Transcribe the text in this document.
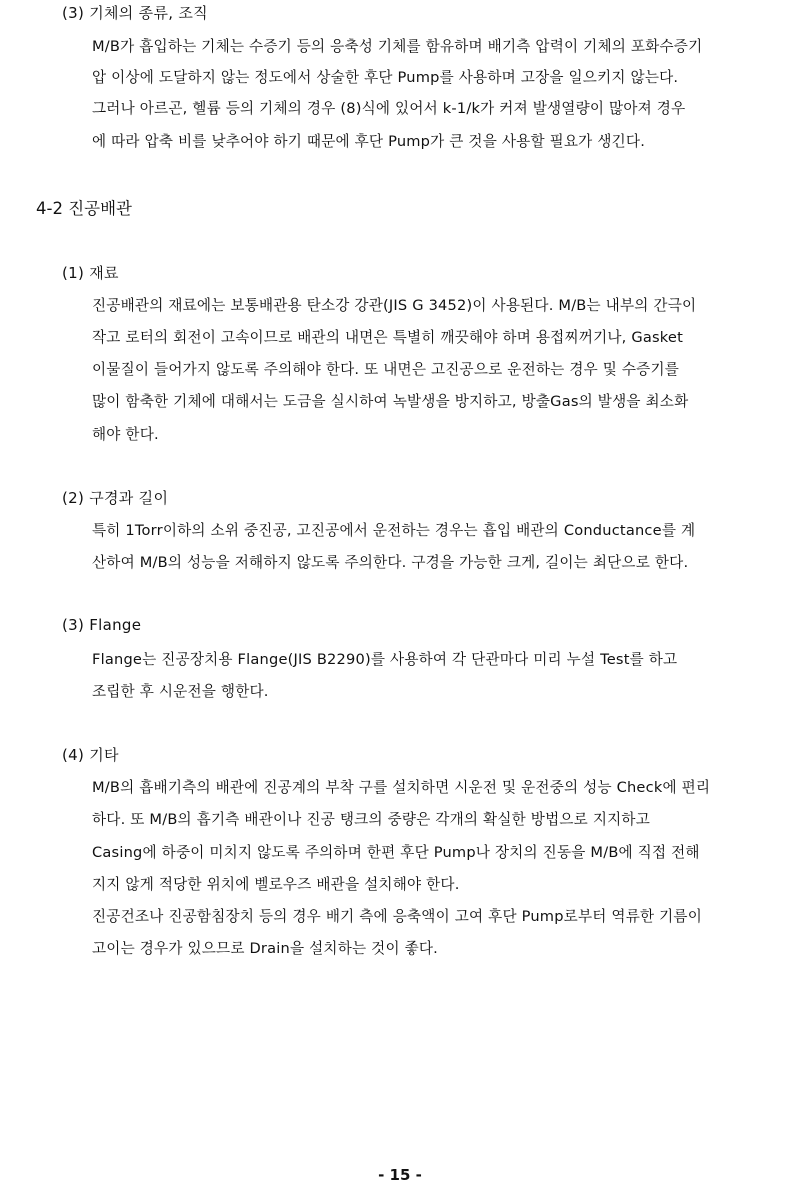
(3) 기체의 종류, 조직
M/B가 흡입하는 기체는 수증기 등의 응축성 기체를 함유하며 배기측 압력이 기체의 포화수증기
압 이상에 도달하지 않는 정도에서 상술한 후단 Pump를 사용하며 고장을 일으키지 않는다.
그러나 아르곤, 헬륨 등의 기체의 경우 (8)식에 있어서 k-1/k가 커져 발생열량이 많아져 경우
에 따라 압축 비를 낮추어야 하기 때문에 후단 Pump가 큰 것을 사용할 필요가 생긴다.
4-2 진공배관
(1) 재료
진공배관의 재료에는 보통배관용 탄소강 강관(JIS G 3452)이 사용된다. M/B는 내부의 간극이
작고 로터의 회전이 고속이므로 배관의 내면은 특별히 깨끗해야 하며 용접찌꺼기나, Gasket
이물질이 들어가지 않도록 주의해야 한다. 또 내면은 고진공으로 운전하는 경우 및 수증기를
많이 함축한 기체에 대해서는 도금을 실시하여 녹발생을 방지하고, 방출Gas의 발생을 최소화
해야 한다.
(2) 구경과 길이
특히 1Torr이하의 소위 중진공, 고진공에서 운전하는 경우는 흡입 배관의 Conductance를 계
산하여 M/B의 성능을 저해하지 않도록 주의한다. 구경을 가능한 크게, 길이는 최단으로 한다.
(3) Flange
Flange는 진공장치용 Flange(JIS B2290)를 사용하여 각 단관마다 미리 누설 Test를 하고
조립한 후 시운전을 행한다.
(4) 기타
M/B의 흡배기측의 배관에 진공계의 부착 구를 설치하면 시운전 및 운전중의 성능 Check에 편리
하다. 또 M/B의 흡기측 배관이나 진공 탱크의 중량은 각개의 확실한 방법으로 지지하고
Casing에 하중이 미치지 않도록 주의하며 한편 후단 Pump나 장치의 진동을 M/B에 직접 전해
지지 않게 적당한 위치에 벨로우즈 배관을 설치해야 한다.
진공건조나 진공함침장치 등의 경우 배기 측에 응축액이 고여 후단 Pump로부터 역류한 기름이
고이는 경우가 있으므로 Drain을 설치하는 것이 좋다.
- 15 -
